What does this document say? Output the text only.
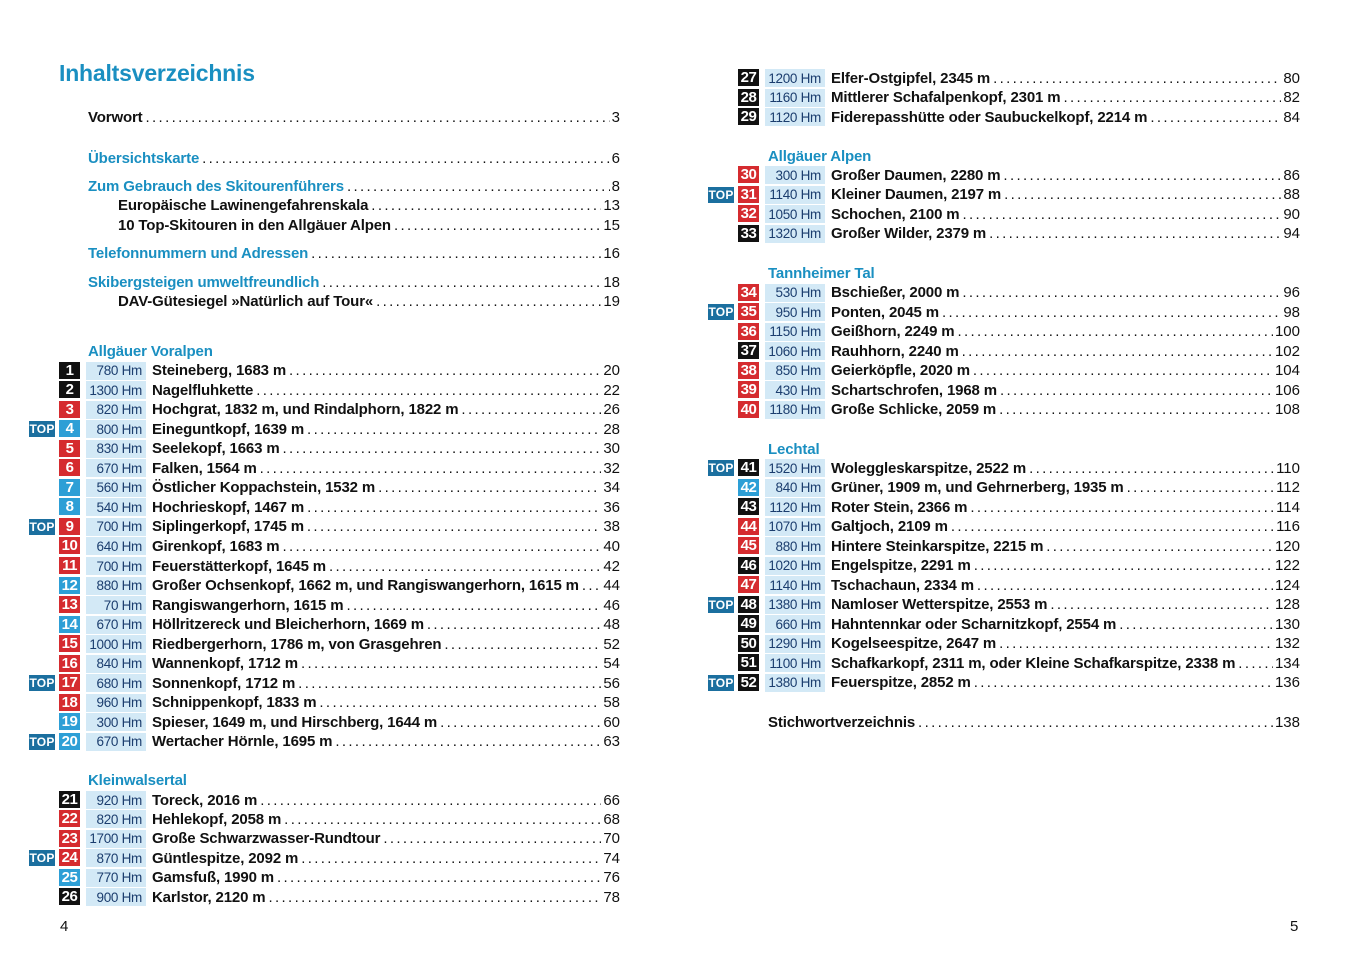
Inhaltsverzeichnis
Vorwort .....	3
Übersichtskarte .....	6
Zum Gebrauch des Skitourenführers .....	8
Europäische Lawinengefahrenskala .....	13
10 Top-Skitouren in den Allgäuer Alpen .....	15
Telefonnummern und Adressen .....	16
Skibergsteigen umweltfreundlich .....	18
DAV-Gütesiegel »Natürlich auf Tour« .....	19
Allgäuer Voralpen
Kleinwalsertal
Allgäuer Alpen
Tannheimer Tal
Lechtal
1	780 Hm Steineberg, 1683 m .....	20
2	1300 Hm Nagelfluhkette .....	22
3	820 Hm Hochgrat, 1832 m, und Rindalphorn, 1822 m .....	26
TOP 4	800 Hm Eineguntkopf, 1639 m .....	28
5	830 Hm Seelekopf, 1663 m .....	30
6	670 Hm Falken, 1564 m .....	32
7	560 Hm Östlicher Koppachstein, 1532 m .....	34
8	540 Hm Hochrieskopf, 1467 m .....	36
TOP 9	700 Hm Siplingerkopf, 1745 m .....	38
10	640 Hm Girenkopf, 1683 m .....	40
11	700 Hm Feuerstätterkopf, 1645 m .....	42
12	880 Hm Großer Ochsenkopf, 1662 m, und Rangiswangerhorn, 1615 m ..... 44
13	70 Hm Rangiswangerhorn, 1615 m .....	46
14	670 Hm Höllritzereck und Bleicherhorn, 1669 m .....	48
15 1000 Hm Riedbergerhorn, 1786 m, von Grasgehren .....	52
16	840 Hm Wannenkopf, 1712 m .....	54
TOP 17	680 Hm Sonnenkopf, 1712 m .....	56
18	960 Hm Schnippenkopf, 1833 m .....	58
19	300 Hm Spieser, 1649 m, und Hirschberg, 1644 m .....	60
TOP 20	670 Hm Wertacher Hörnle, 1695 m .....	63
21	920 Hm Toreck, 2016 m .....	66
22	820 Hm Hehlekopf, 2058 m .....	68
23 1700 Hm Große Schwarzwasser-Rundtour .....	70
TOP 24	870 Hm Güntlespitze, 2092 m .....	74
25	770 Hm Gamsfuß, 1990 m .....	76
26	900 Hm Karlstor, 2120 m .....	78
27 1200 Hm Elfer-Ostgipfel, 2345 m .....	80
28 1160 Hm Mittlerer Schafalpenkopf, 2301 m .....	82
29 1120 Hm Fiderepasshütte oder Saubuckelkopf, 2214 m .....	84
30	300 Hm Großer Daumen, 2280 m .....	86
TOP 31 1140 Hm Kleiner Daumen, 2197 m .....	88
32 1050 Hm Schochen, 2100 m .....	90
33 1320 Hm Großer Wilder, 2379 m .....	94
34	530 Hm Bschießer, 2000 m .....	96
TOP 35	950 Hm Ponten, 2045 m .....	98
36 1150 Hm Geißhorn, 2249 m .....	100
37 1060 Hm Rauhhorn, 2240 m .....	102
38	850 Hm Geierköpfle, 2020 m .....	104
39	430 Hm Schartschrofen, 1968 m .....	106
40 1180 Hm Große Schlicke, 2059 m .....	108
TOP 41 1520 Hm Woleggleskarspitze, 2522 m .....	110
42	840 Hm Grüner, 1909 m, und Gehrnerberg, 1935 m .....	112
43 1120 Hm Roter Stein, 2366 m .....	114
44 1070 Hm Galtjoch, 2109 m .....	116
45	880 Hm Hintere Steinkarspitze, 2215 m .....	120
46 1020 Hm Engelspitze, 2291 m .....	122
47 1140 Hm Tschachaun, 2334 m .....	124
TOP 48 1380 Hm Namloser Wetterspitze, 2553 m .....	128
49	660 Hm Hahntennkar oder Scharnitzkopf, 2554 m .....	130
50 1290 Hm Kogelseespitze, 2647 m .....	132
51 1100 Hm Schafkarkopf, 2311 m, oder Kleine Schafkarspitze, 2338 m .....	134
TOP 52 1380 Hm Feuerspitze, 2852 m .....	136
Stichwortverzeichnis .....	138
4	5
